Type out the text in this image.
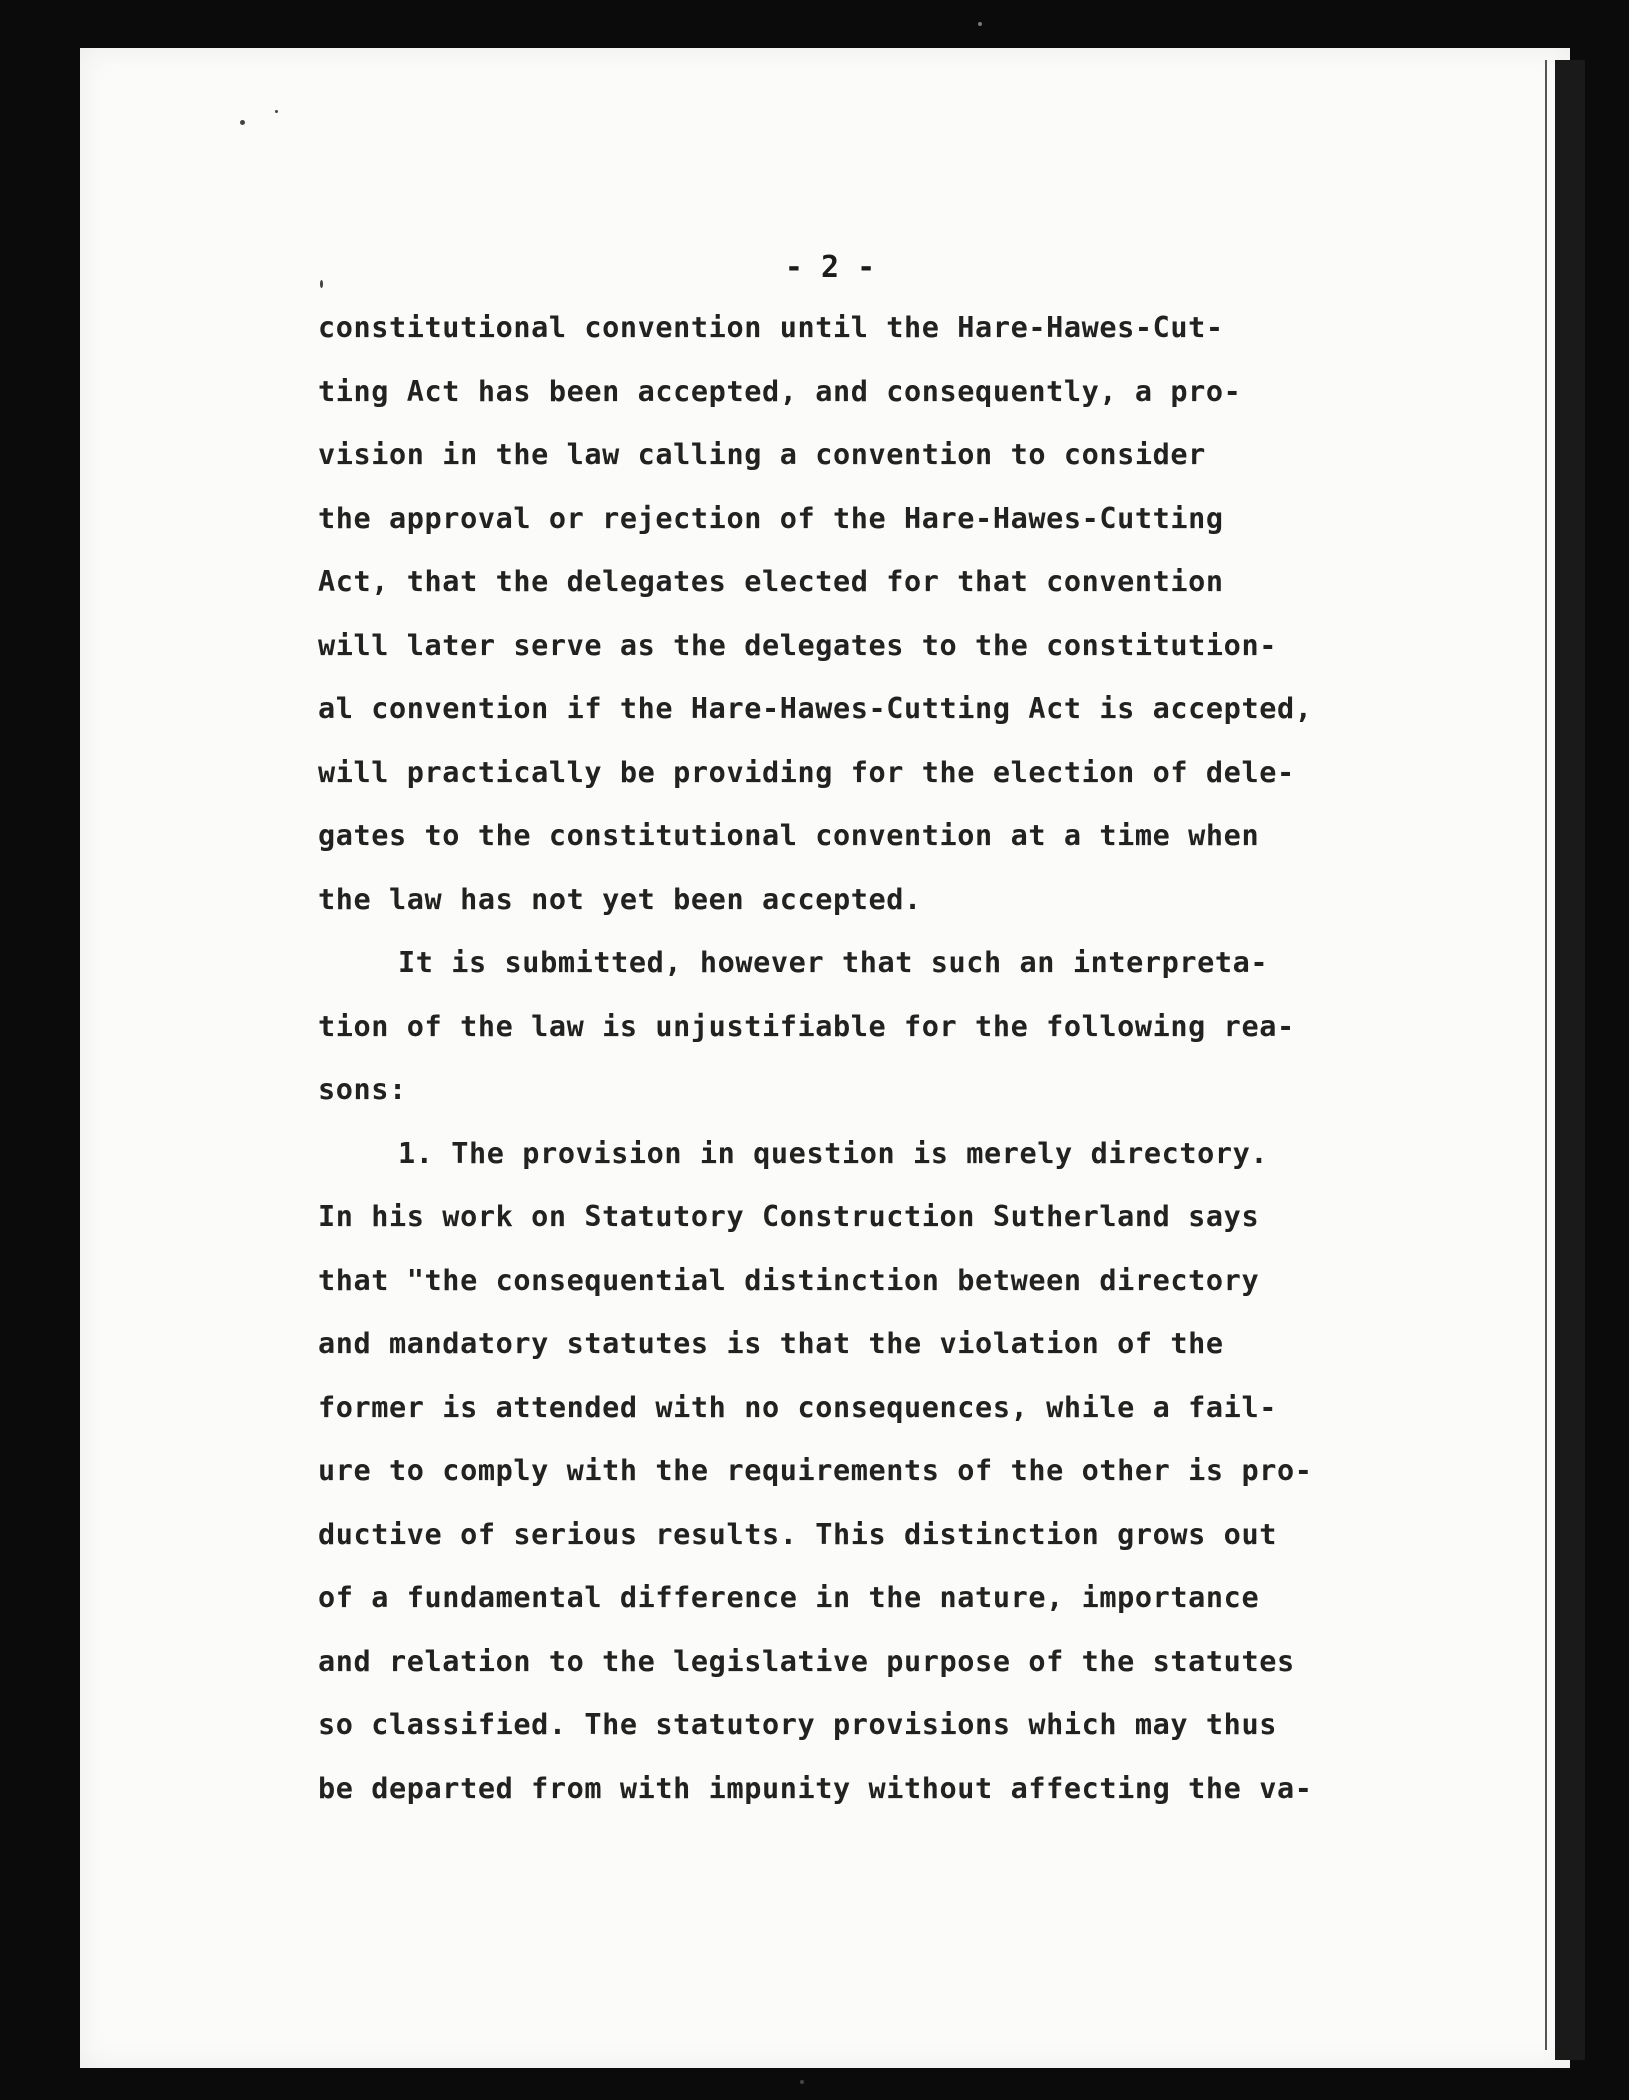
- 2 -
constitutional convention until the Hare-Hawes-Cut-
ting Act has been accepted, and consequently, a pro-
vision in the law calling a convention to consider
the approval or rejection of the Hare-Hawes-Cutting
Act, that the delegates elected for that convention
will later serve as the delegates to the constitution-
al convention if the Hare-Hawes-Cutting Act is accepted,
will practically be providing for the election of dele-
gates to the constitutional convention at a time when
the law has not yet been accepted.
It is submitted, however that such an interpreta-
tion of the law is unjustifiable for the following rea-
sons:
1. The provision in question is merely directory.
In his work on Statutory Construction Sutherland says
that "the consequential distinction between directory
and mandatory statutes is that the violation of the
former is attended with no consequences, while a fail-
ure to comply with the requirements of the other is pro-
ductive of serious results. This distinction grows out
of a fundamental difference in the nature, importance
and relation to the legislative purpose of the statutes
so classified. The statutory provisions which may thus
be departed from with impunity without affecting the va-
